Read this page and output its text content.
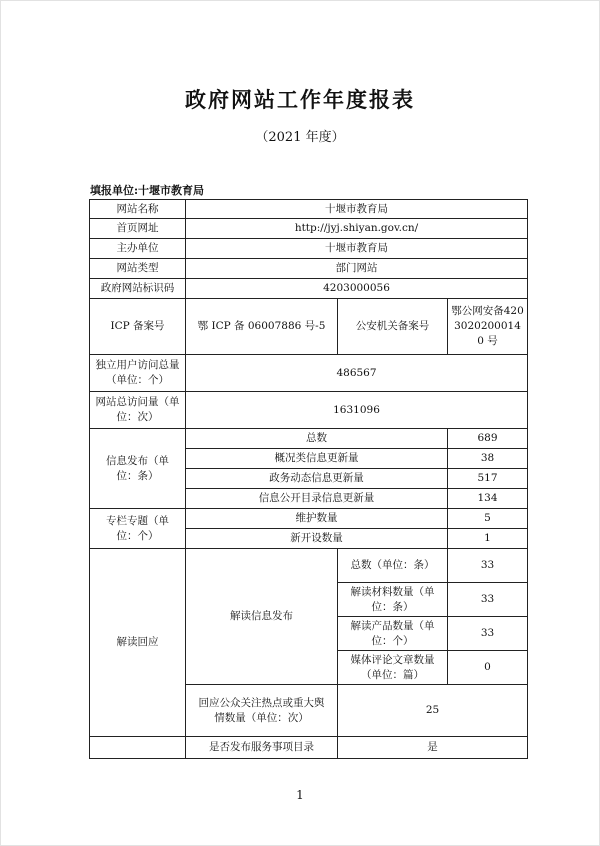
政府网站工作年度报表
（2021 年度）
填报单位:十堰市教育局
网站名称	十堰市教育局		
首页网址	http://jyj.shiyan.gov.cn/		
主办单位	十堰市教育局		
网站类型	部门网站		
政府网站标识码	4203000056		
ICP 备案号	鄂 ICP 备 06007886 号-5	公安机关备案号	鄂公网安备42030202000140 号
独立用户访问总量（单位：个）	486567		
网站总访问量（单位：次）	1631096		
信息发布（单位：条）	总数		689
	概况类信息更新量		38
	政务动态信息更新量		517
	信息公开目录信息更新量		134
专栏专题（单位：个）	维护数量		5
	新开设数量		1
解读回应	解读信息发布	总数（单位：条）	33
		解读材料数量（单位：条）	33
		解读产品数量（单位：个）	33
		媒体评论文章数量（单位：篇）	0
	回应公众关注热点或重大舆情数量（单位：次）	25	
	是否发布服务事项目录	是	
1
